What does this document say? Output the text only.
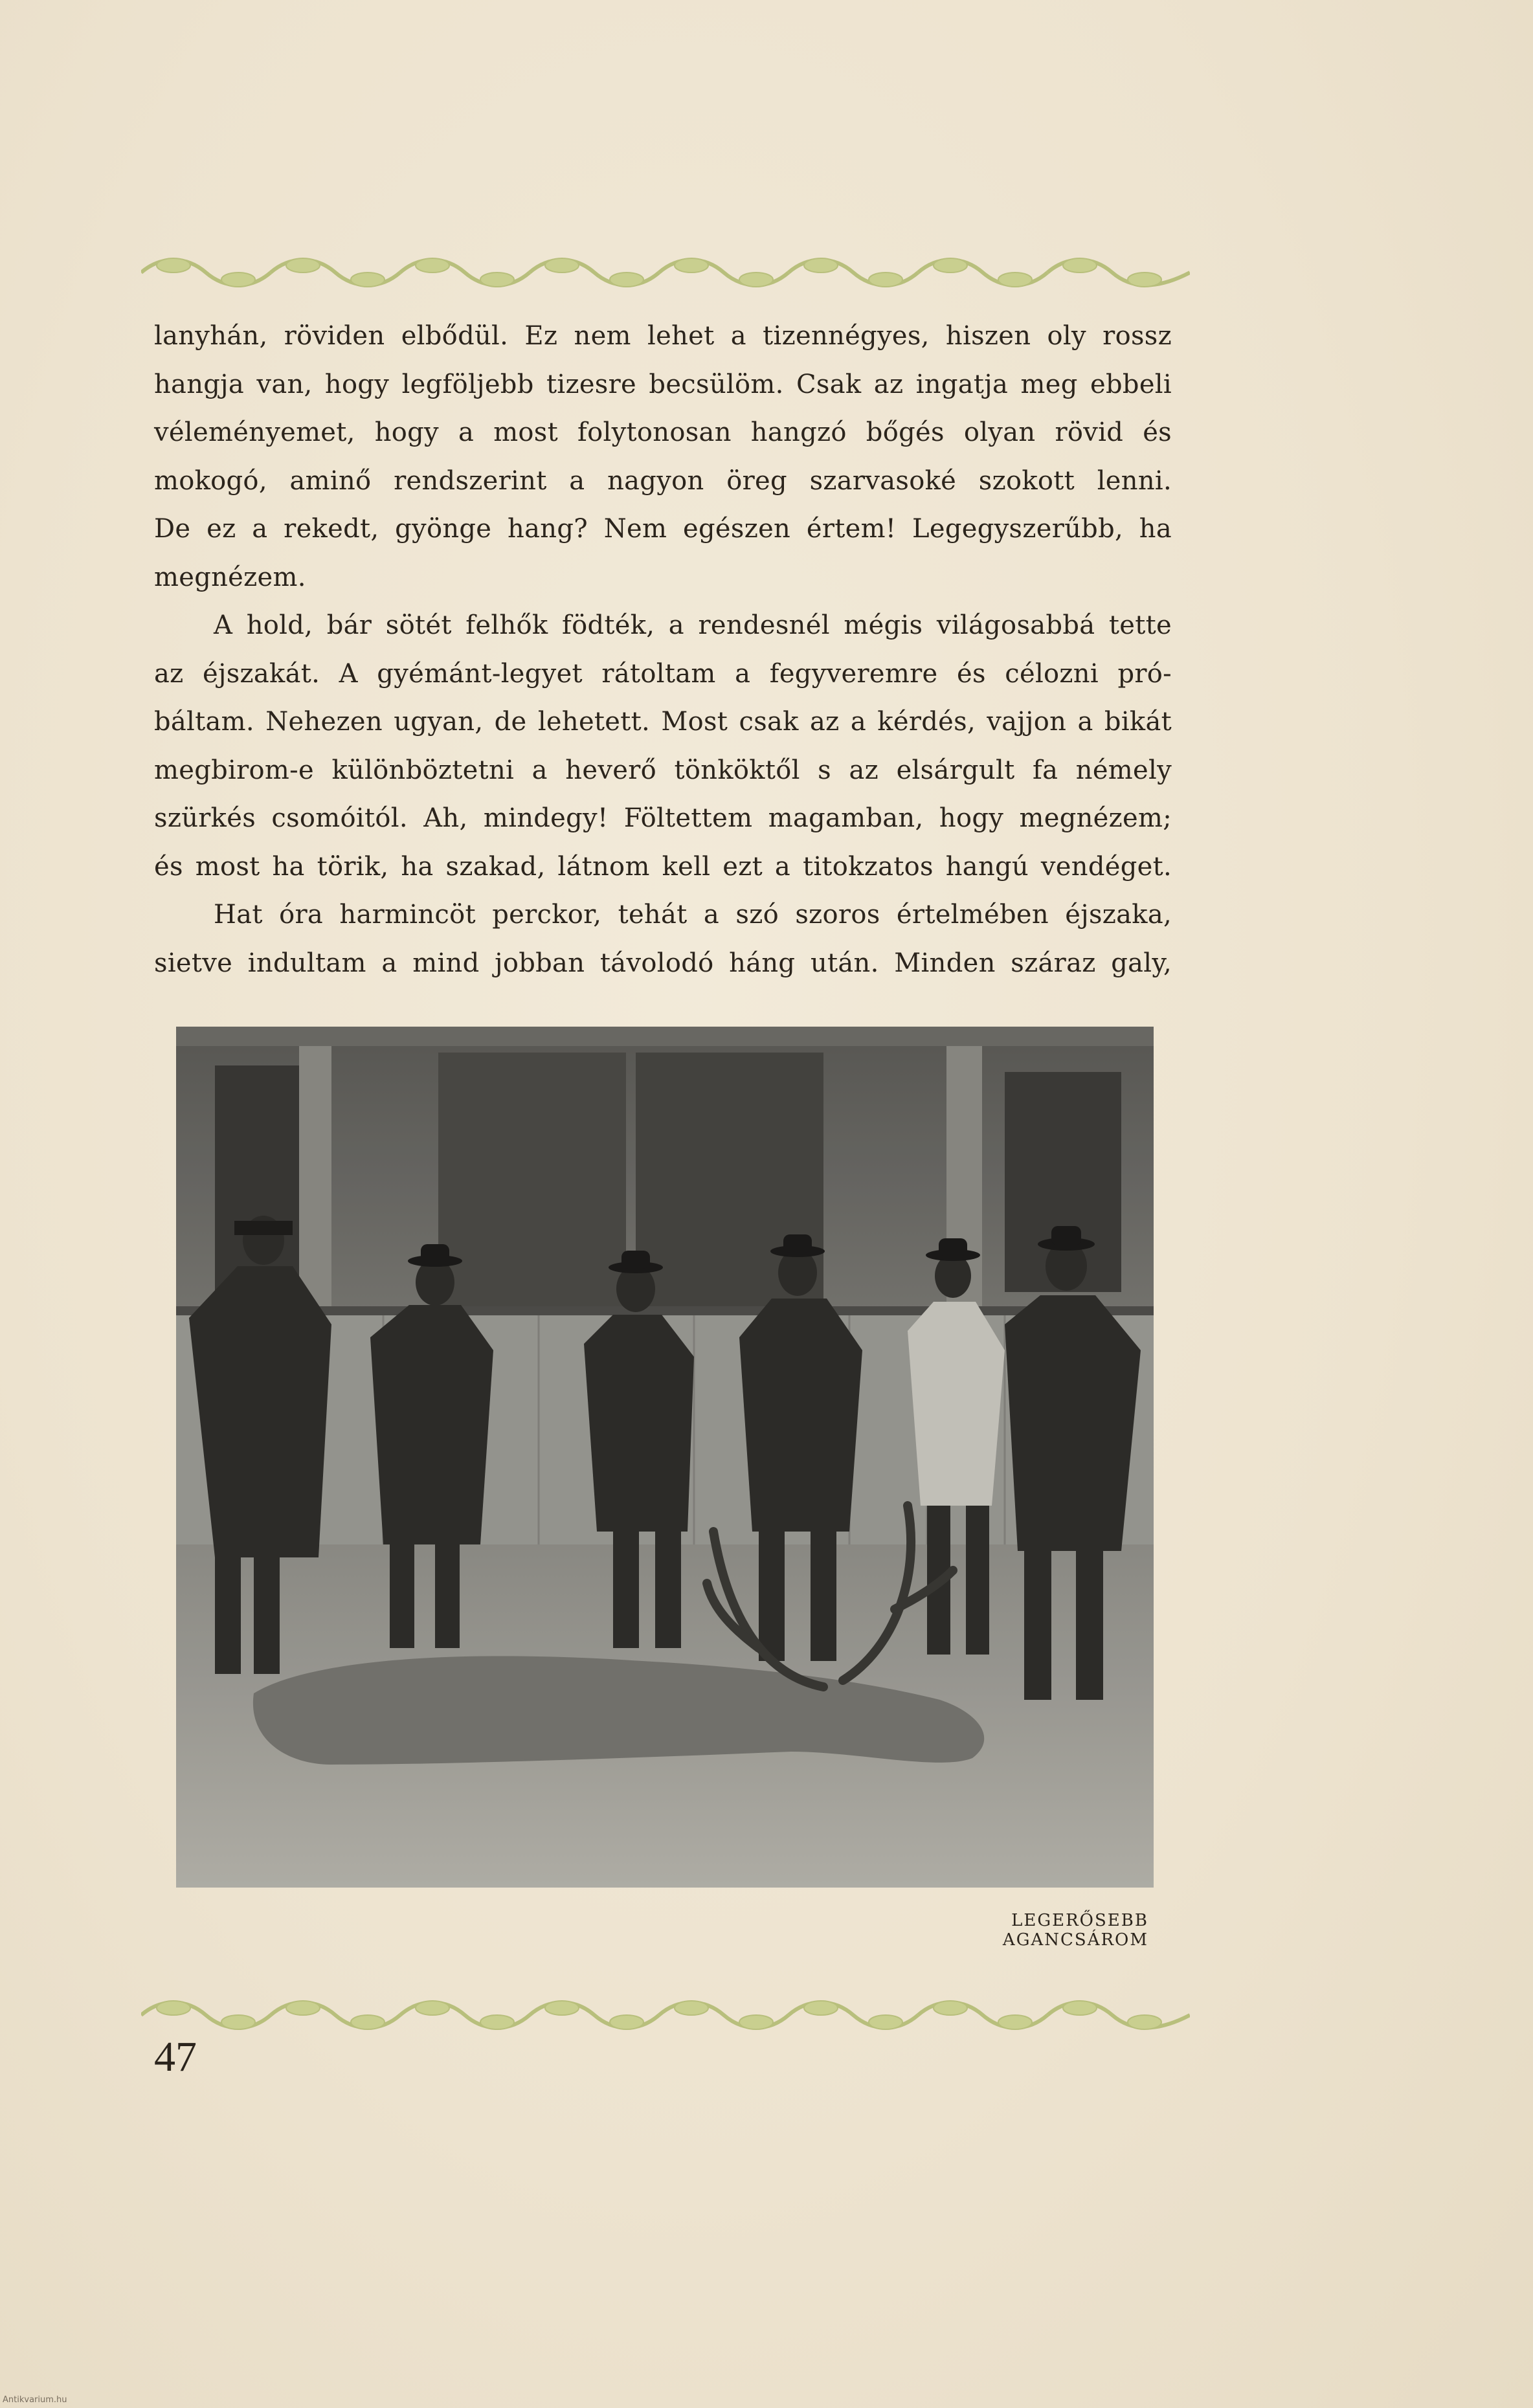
lanyhán, röviden elbődül. Ez nem lehet a tizennégyes, hiszen oly rossz
hangja van, hogy legföljebb tizesre becsülöm. Csak az ingatja meg ebbeli
véleményemet, hogy a most folytonosan hangzó bőgés olyan rövid és
mokogó, aminő rendszerint a nagyon öreg szarvasoké szokott lenni.
De ez a rekedt, gyönge hang? Nem egészen értem! Legegyszerűbb, ha
megnézem.
A hold, bár sötét felhők födték, a rendesnél mégis világosabbá tette
az éjszakát. A gyémánt-legyet rátoltam a fegyveremre és célozni pró-
báltam. Nehezen ugyan, de lehetett. Most csak az a kérdés, vajjon a bikát
megbirom-e különböztetni a heverő tönköktől s az elsárgult fa némely
szürkés csomóitól. Ah, mindegy! Föltettem magamban, hogy megnézem;
és most ha törik, ha szakad, látnom kell ezt a titokzatos hangú vendéget.
Hat óra harmincöt perckor, tehát a szó szoros értelmében éjszaka,
sietve indultam a mind jobban távolodó háng után. Minden száraz galy,
LEGERŐSEBB AGANCSÁROM
47
Antikvarium.hu
